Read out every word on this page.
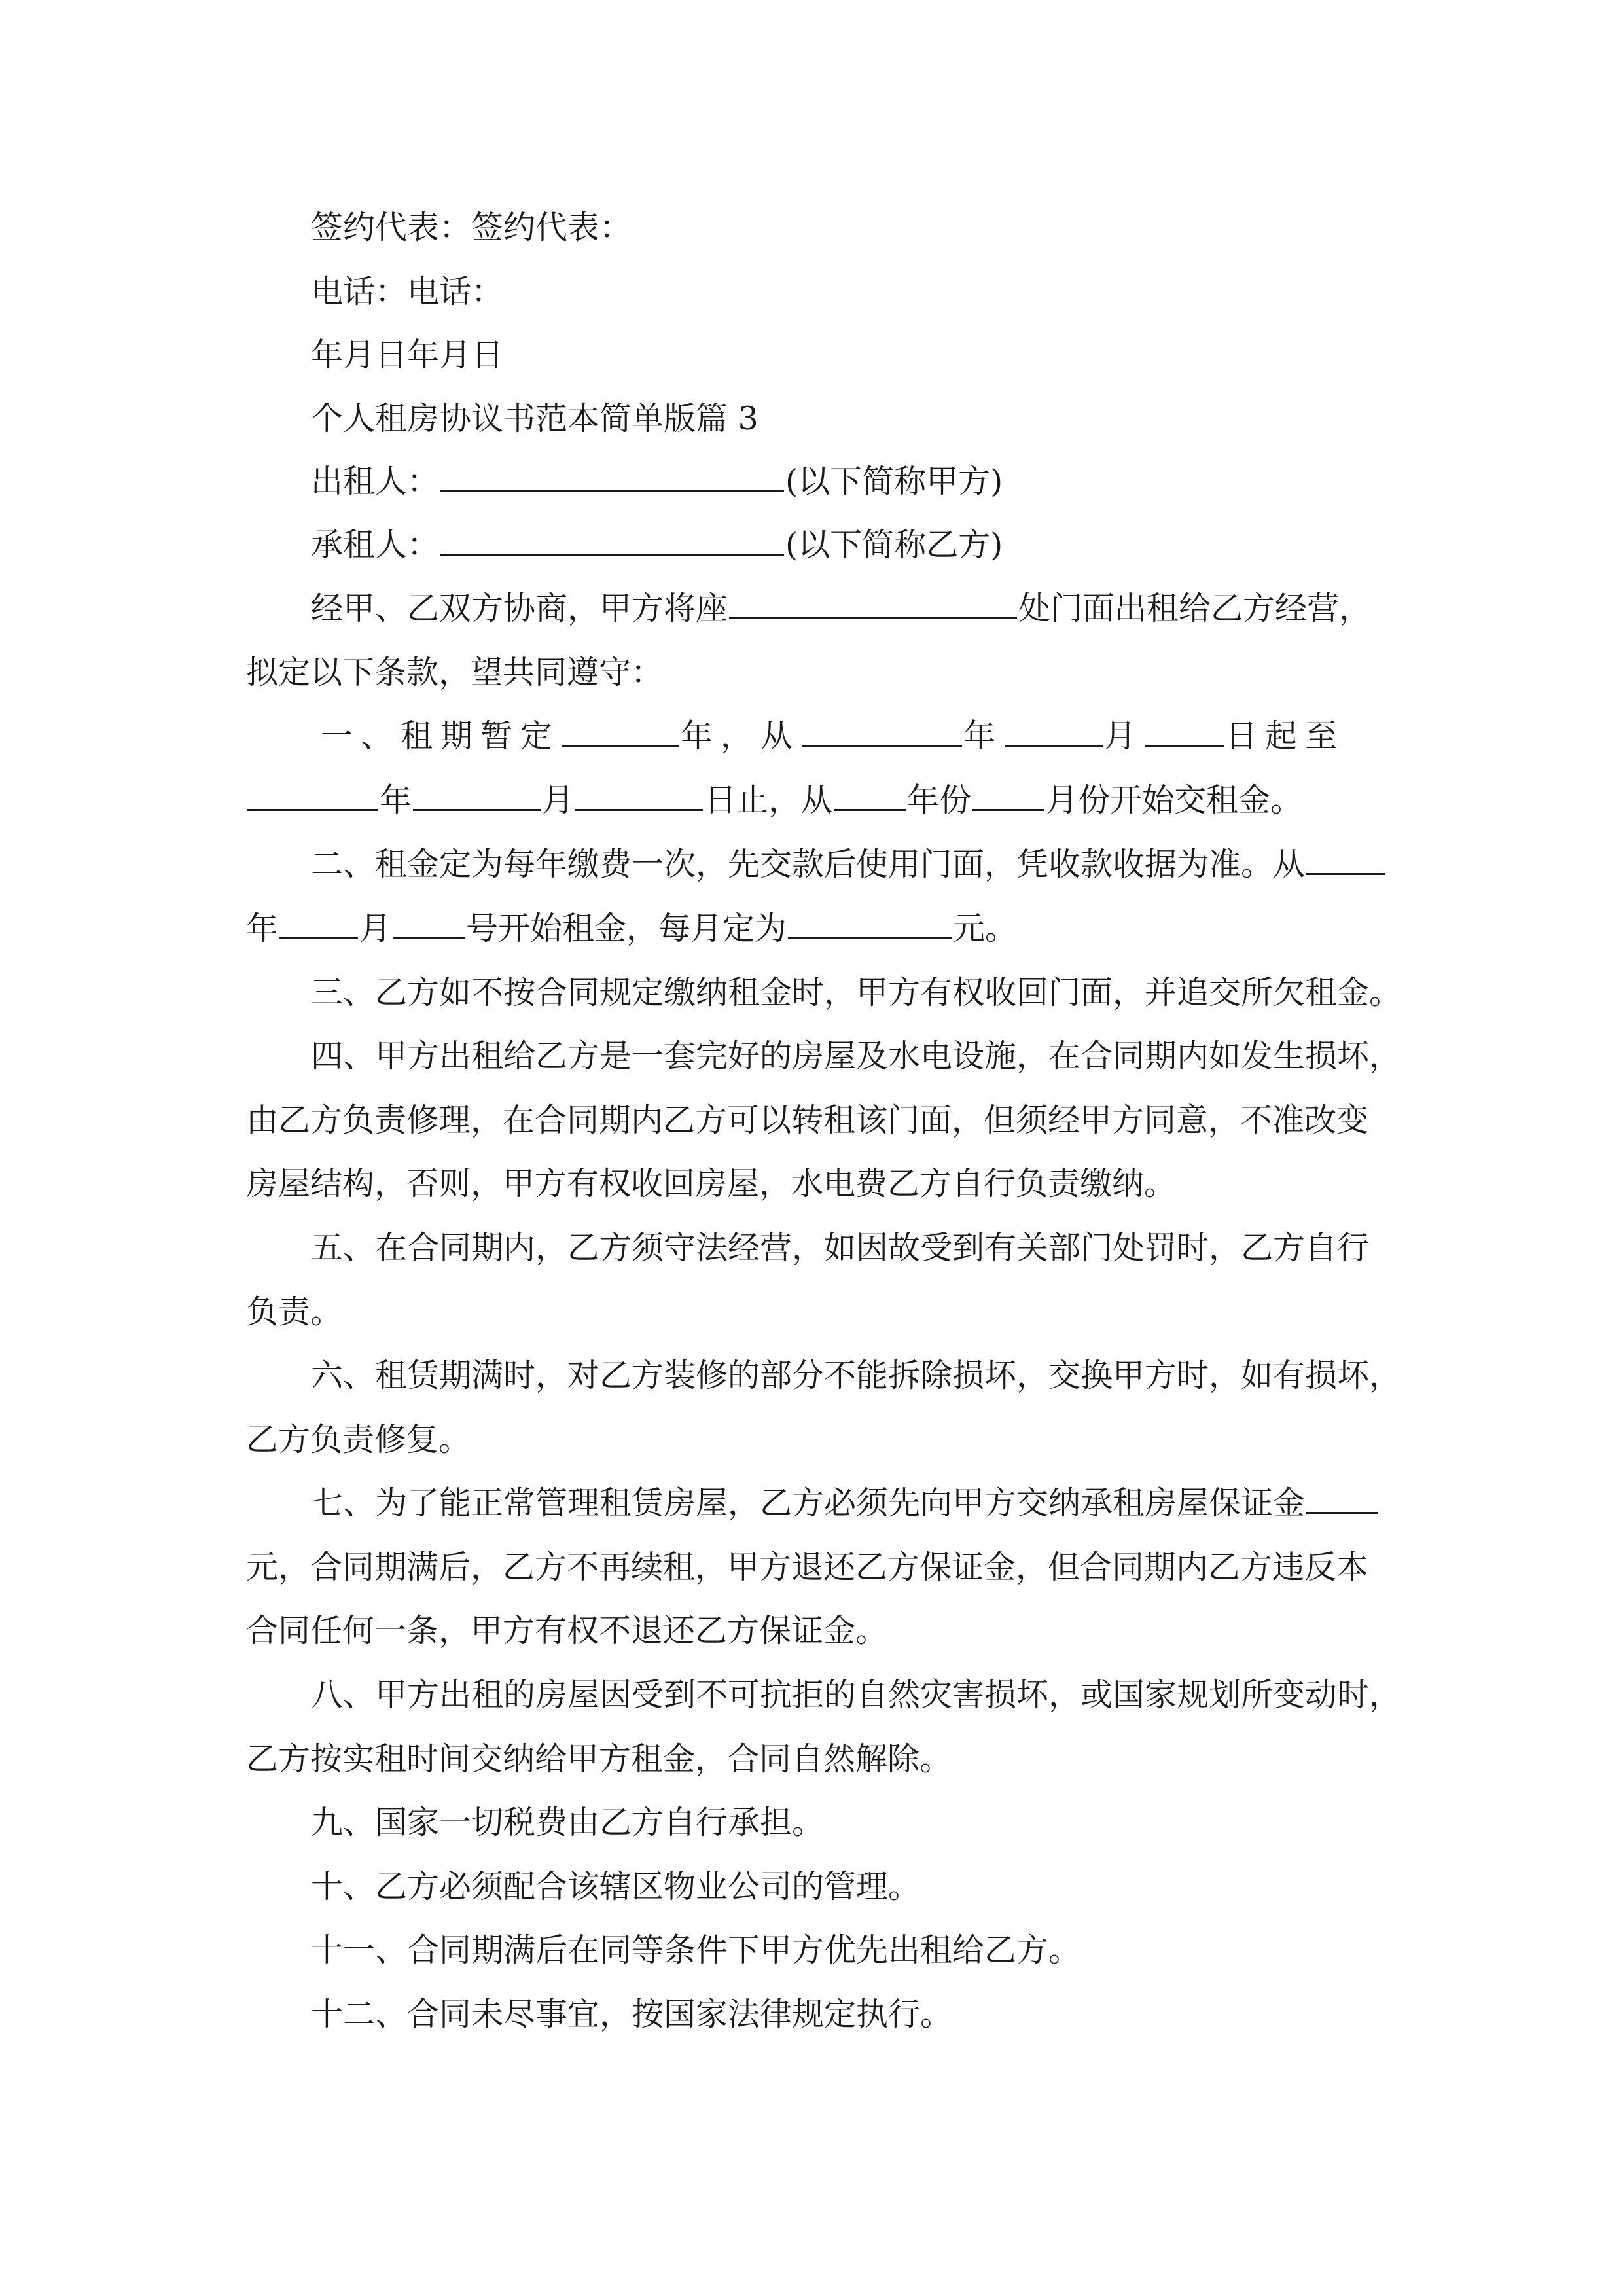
签约代表：签约代表：
电话：电话：
年月日年月日
个人租房协议书范本简单版篇 3
出租人：	(以下简称甲方)
承租人：	(以下简称乙方)
经甲、乙双方协商，甲方将座	处门面出租给乙方经营，
拟定以下条款，望共同遵守：
一、租期暂定	年，从	年	月	日起至
年	月	日止，从 年份 月份开始交租金。
二、租金定为每年缴费一次，先交款后使用门面，凭收款收据为准。从
年	月 号开始租金，每月定为	元。
三、乙方如不按合同规定缴纳租金时，甲方有权收回门面，并追交所欠租金。
四、甲方出租给乙方是一套完好的房屋及水电设施，在合同期内如发生损坏，
由乙方负责修理，在合同期内乙方可以转租该门面，但须经甲方同意，不准改变
房屋结构，否则，甲方有权收回房屋，水电费乙方自行负责缴纳。
五、在合同期内，乙方须守法经营，如因故受到有关部门处罚时，乙方自行
负责。
六、租赁期满时，对乙方装修的部分不能拆除损坏，交换甲方时，如有损坏，
乙方负责修复。
七、为了能正常管理租赁房屋，乙方必须先向甲方交纳承租房屋保证金
元，合同期满后，乙方不再续租，甲方退还乙方保证金，但合同期内乙方违反本
合同任何一条，甲方有权不退还乙方保证金。
八、甲方出租的房屋因受到不可抗拒的自然灾害损坏，或国家规划所变动时，
乙方按实租时间交纳给甲方租金，合同自然解除。
九、国家一切税费由乙方自行承担。
十、乙方必须配合该辖区物业公司的管理。
十一、合同期满后在同等条件下甲方优先出租给乙方。
十二、合同未尽事宜，按国家法律规定执行。
